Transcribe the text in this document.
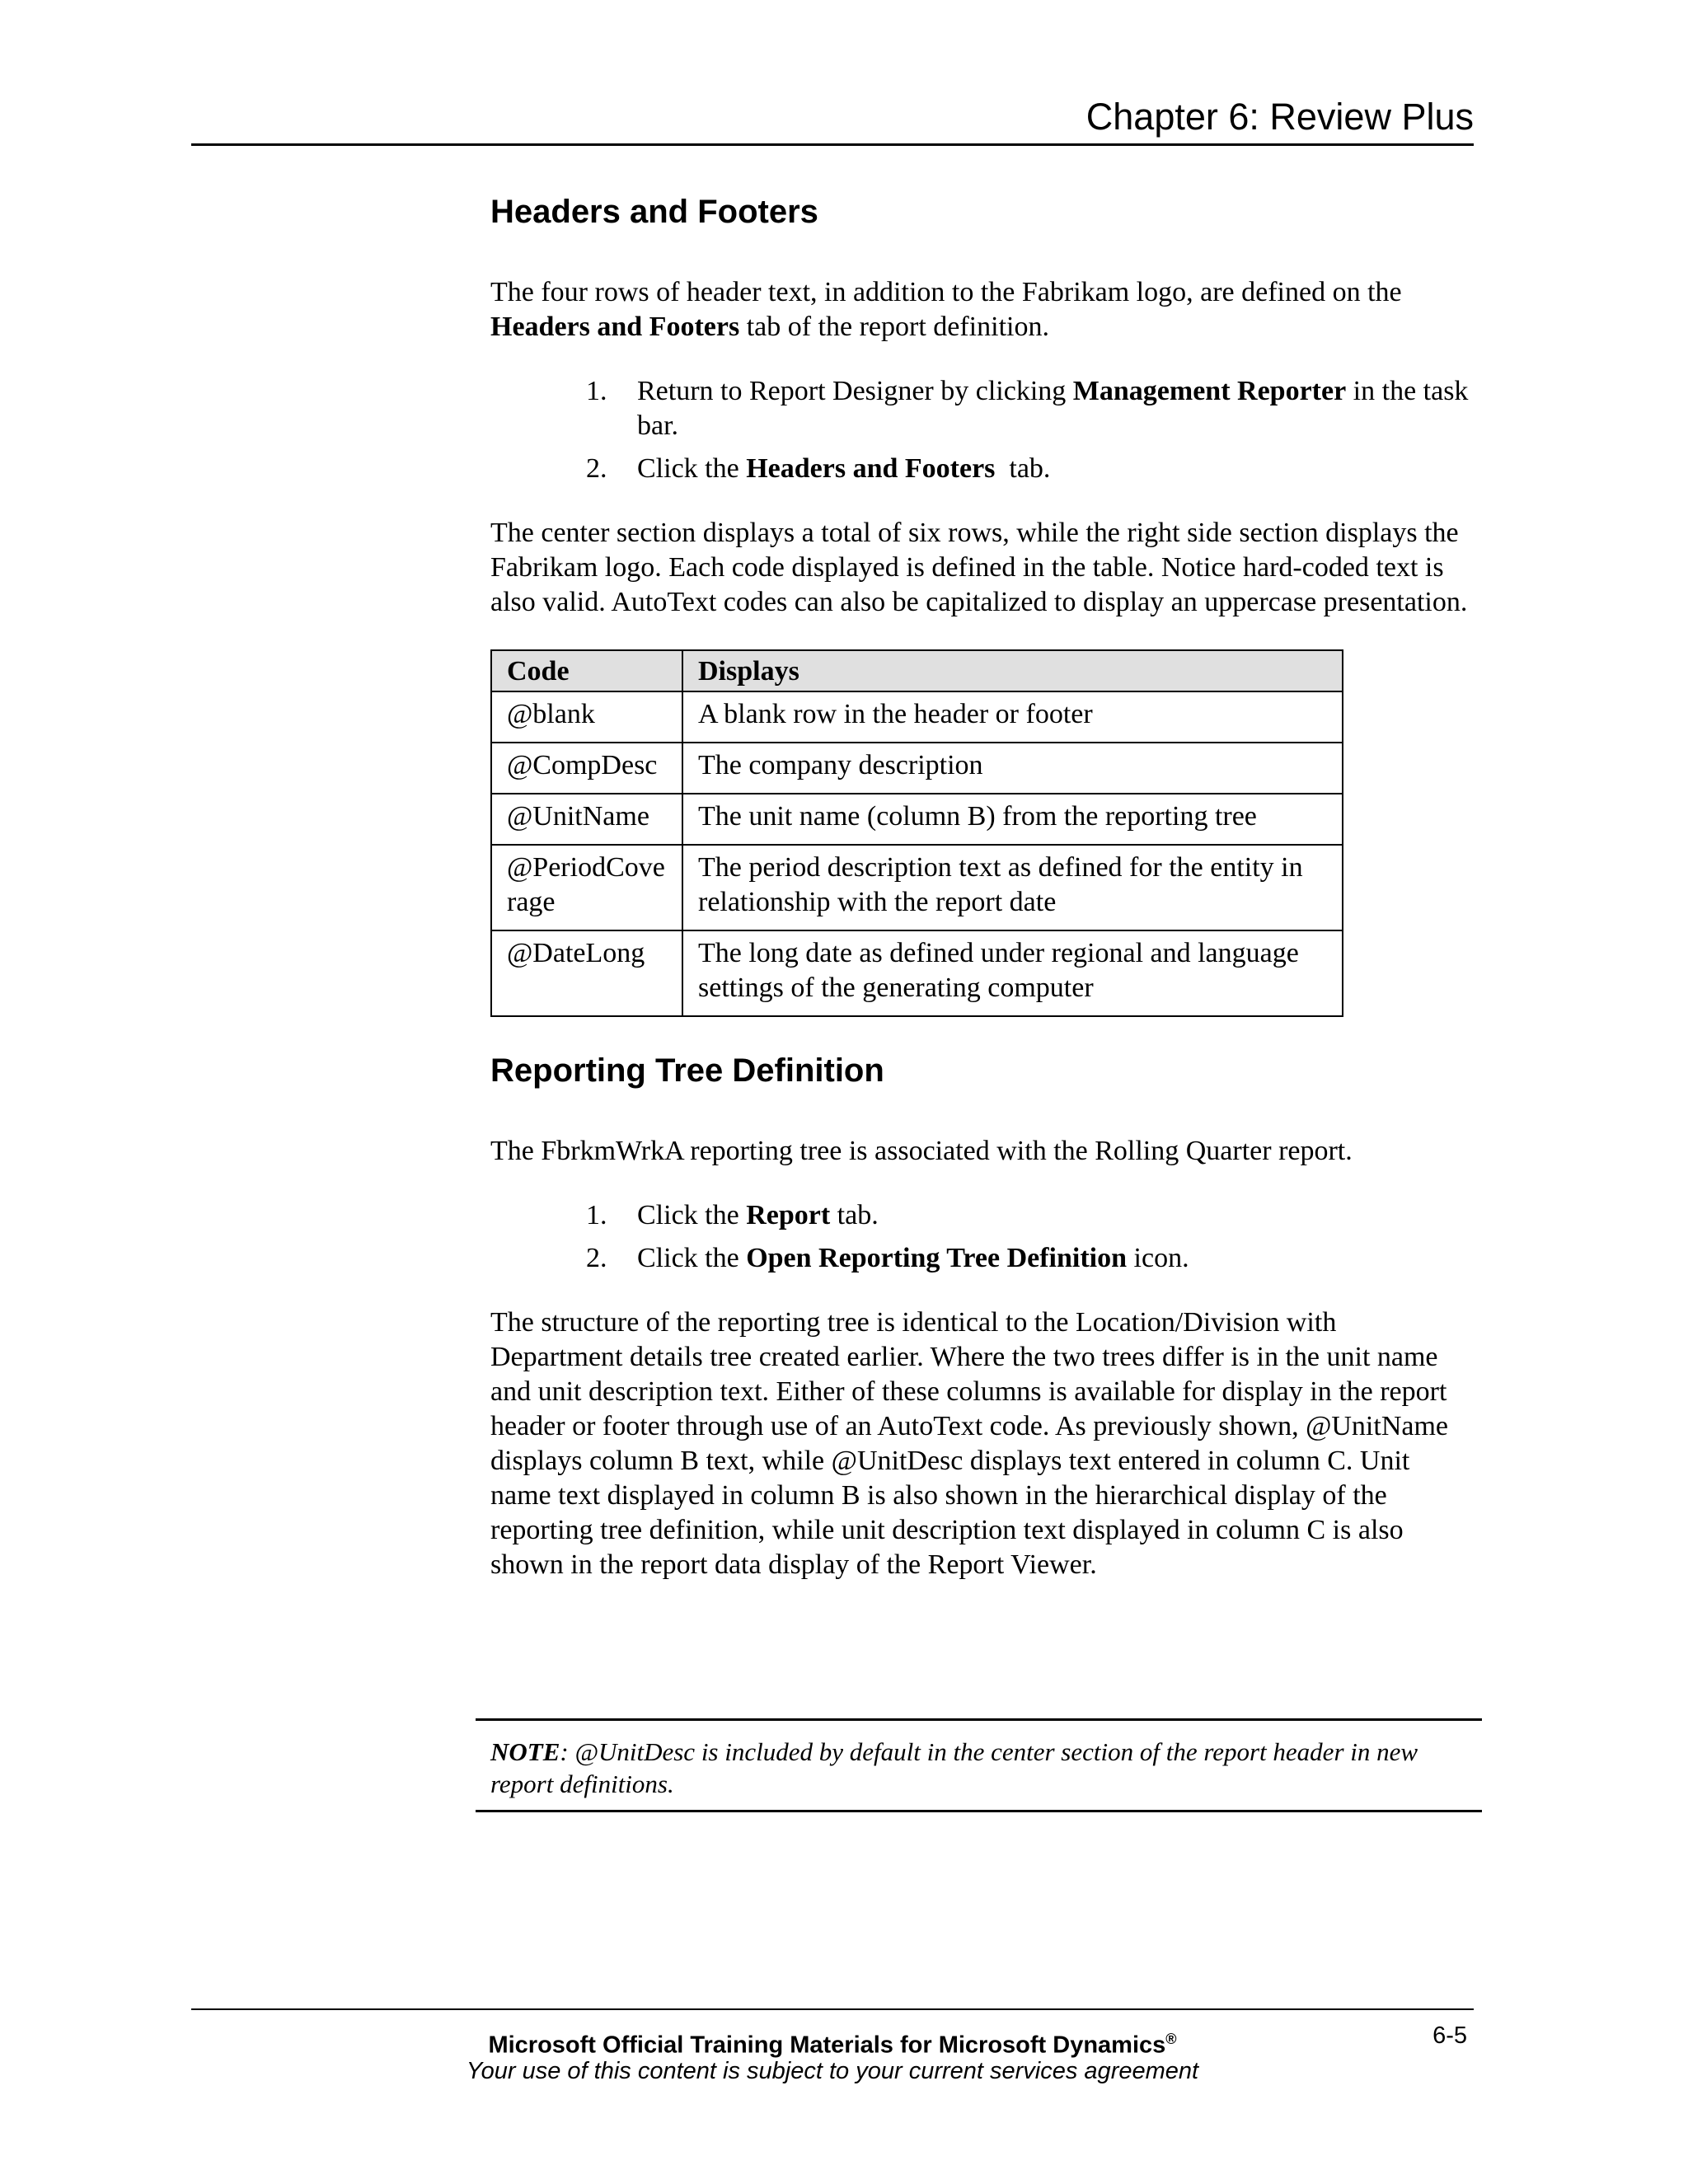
Chapter 6: Review Plus
Headers and Footers

The four rows of header text, in addition to the Fabrikam logo, are defined on the Headers and Footers tab of the report definition.

1. Return to Report Designer by clicking Management Reporter in the task bar.
2. Click the Headers and Footers  tab.

The center section displays a total of six rows, while the right side section displays the Fabrikam logo. Each code displayed is defined in the table. Notice hard-coded text is also valid. AutoText codes can also be capitalized to display an uppercase presentation.

Code	Displays
@blank	A blank row in the header or footer
@CompDesc	The company description
@UnitName	The unit name (column B) from the reporting tree
@PeriodCoverage	The period description text as defined for the entity in relationship with the report date
@DateLong	The long date as defined under regional and language settings of the generating computer
Reporting Tree Definition

The FbrkmWrkA reporting tree is associated with the Rolling Quarter report.

1. Click the Report tab.
2. Click the Open Reporting Tree Definition icon.

The structure of the reporting tree is identical to the Location/Division with Department details tree created earlier. Where the two trees differ is in the unit name and unit description text. Either of these columns is available for display in the report header or footer through use of an AutoText code. As previously shown, @UnitName displays column B text, while @UnitDesc displays text entered in column C. Unit name text displayed in column B is also shown in the hierarchical display of the reporting tree definition, while unit description text displayed in column C is also shown in the report data display of the Report Viewer.

NOTE: @UnitDesc is included by default in the center section of the report header in new report definitions.
Microsoft Official Training Materials for Microsoft Dynamics®
Your use of this content is subject to your current services agreement
6-5
